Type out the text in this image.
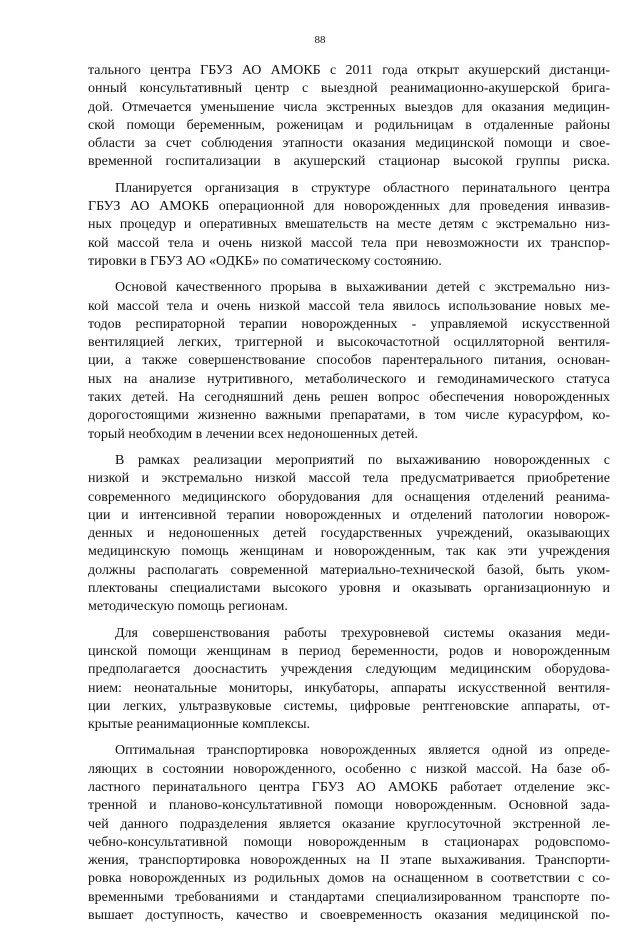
88
тального центра ГБУЗ АО АМОКБ с 2011 года открыт акушерский дистанци-
онный консультативный центр с выездной реанимационно-акушерской брига-
дой. Отмечается уменьшение числа экстренных выездов для оказания медицин-
ской помощи беременным, роженицам и родильницам в отдаленные районы
области за счет соблюдения этапности оказания медицинской помощи и свое-
временной госпитализации в акушерский стационар высокой группы риска.
Планируется организация в структуре областного перинатального центра
ГБУЗ АО АМОКБ операционной для новорожденных для проведения инвазив-
ных процедур и оперативных вмешательств на месте детям с экстремально низ-
кой массой тела и очень низкой массой тела при невозможности их транспор-
тировки в ГБУЗ АО «ОДКБ» по соматическому состоянию.
Основой качественного прорыва в выхаживании детей с экстремально низ-
кой массой тела и очень низкой массой тела явилось использование новых ме-
тодов респираторной терапии новорожденных - управляемой искусственной
вентиляцией легких, триггерной и высокочастотной осцилляторной вентиля-
ции, а также совершенствование способов парентерального питания, основан-
ных на анализе нутритивного, метаболического и гемодинамического статуса
таких детей. На сегодняшний день решен вопрос обеспечения новорожденных
дорогостоящими жизненно важными препаратами, в том числе курасурфом, ко-
торый необходим в лечении всех недоношенных детей.
В рамках реализации мероприятий по выхаживанию новорожденных с
низкой и экстремально низкой массой тела предусматривается приобретение
современного медицинского оборудования для оснащения отделений реанима-
ции и интенсивной терапии новорожденных и отделений патологии новорож-
денных и недоношенных детей государственных учреждений, оказывающих
медицинскую помощь женщинам и новорожденным, так как эти учреждения
должны располагать современной материально-технической базой, быть уком-
плектованы специалистами высокого уровня и оказывать организационную и
методическую помощь регионам.
Для совершенствования работы трехуровневой системы оказания меди-
цинской помощи женщинам в период беременности, родов и новорожденным
предполагается дооснастить учреждения следующим медицинским оборудова-
нием: неонатальные мониторы, инкубаторы, аппараты искусственной вентиля-
ции легких, ультразвуковые системы, цифровые рентгеновские аппараты, от-
крытые реанимационные комплексы.
Оптимальная транспортировка новорожденных является одной из опреде-
ляющих в состоянии новорожденного, особенно с низкой массой. На базе об-
ластного перинатального центра ГБУЗ АО АМОКБ работает отделение экс-
тренной и планово-консультативной помощи новорожденным. Основной зада-
чей данного подразделения является оказание круглосуточной экстренной ле-
чебно-консультативной помощи новорожденным в стационарах родовспомо-
жения, транспортировка новорожденных на II этапе выхаживания. Транспорти-
ровка новорожденных из родильных домов на оснащенном в соответствии с со-
временными требованиями и стандартами специализированном транспорте по-
вышает доступность, качество и своевременность оказания медицинской по-
